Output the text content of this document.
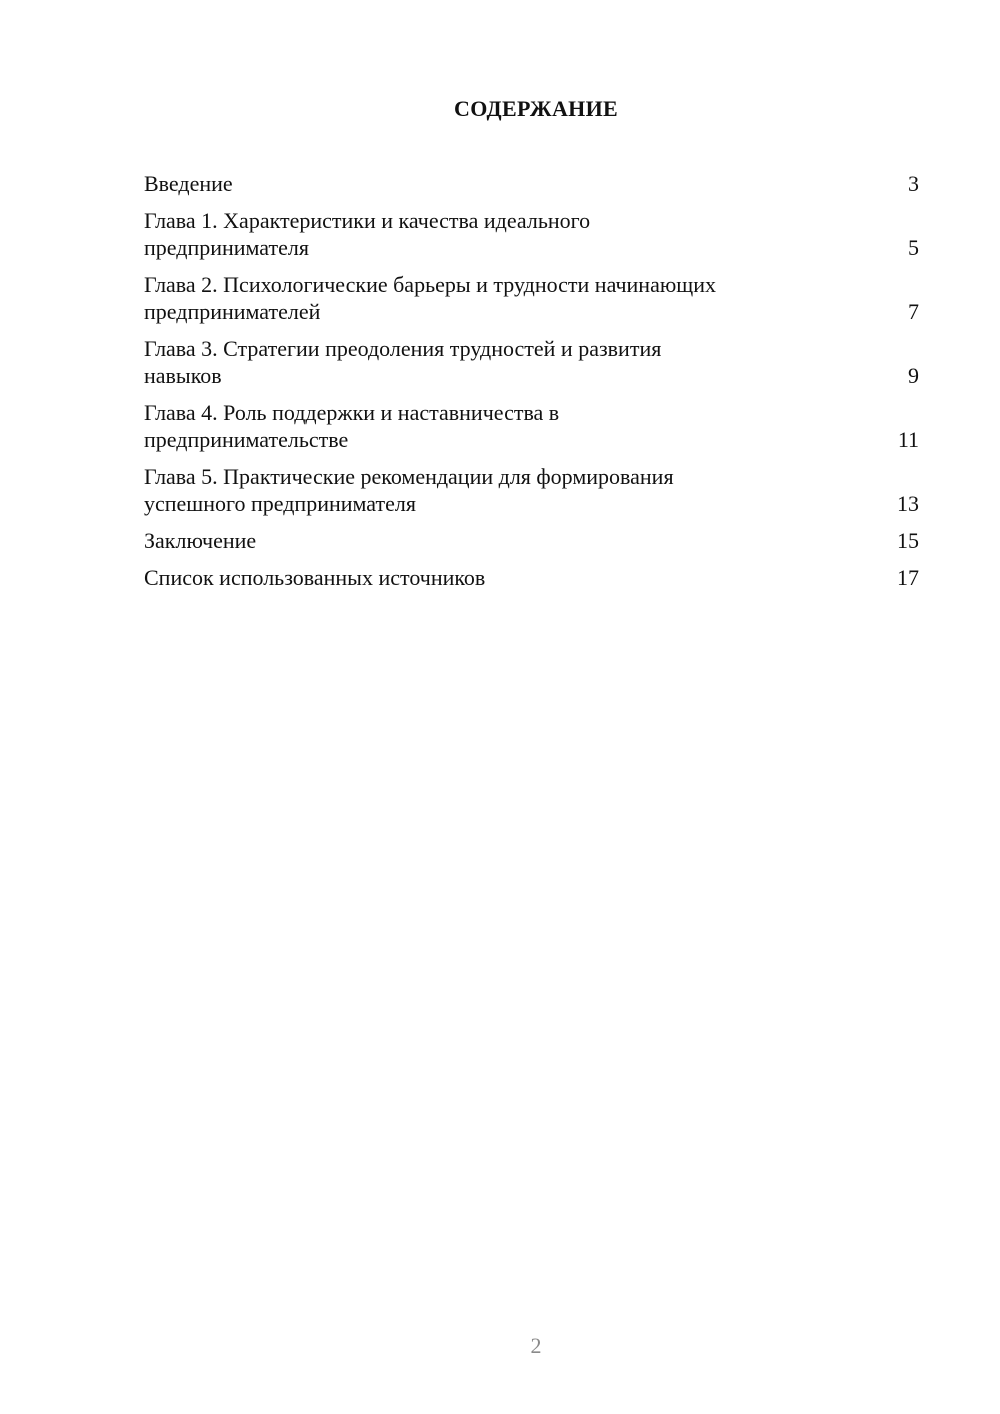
СОДЕРЖАНИЕ
Введение	3
Глава 1. Характеристики и качества идеального
предпринимателя	5
Глава 2. Психологические барьеры и трудности начинающих
предпринимателей	7
Глава 3. Стратегии преодоления трудностей и развития
навыков	9
Глава 4. Роль поддержки и наставничества в
предпринимательстве	11
Глава 5. Практические рекомендации для формирования
успешного предпринимателя	13
Заключение	15
Список использованных источников	17
2
